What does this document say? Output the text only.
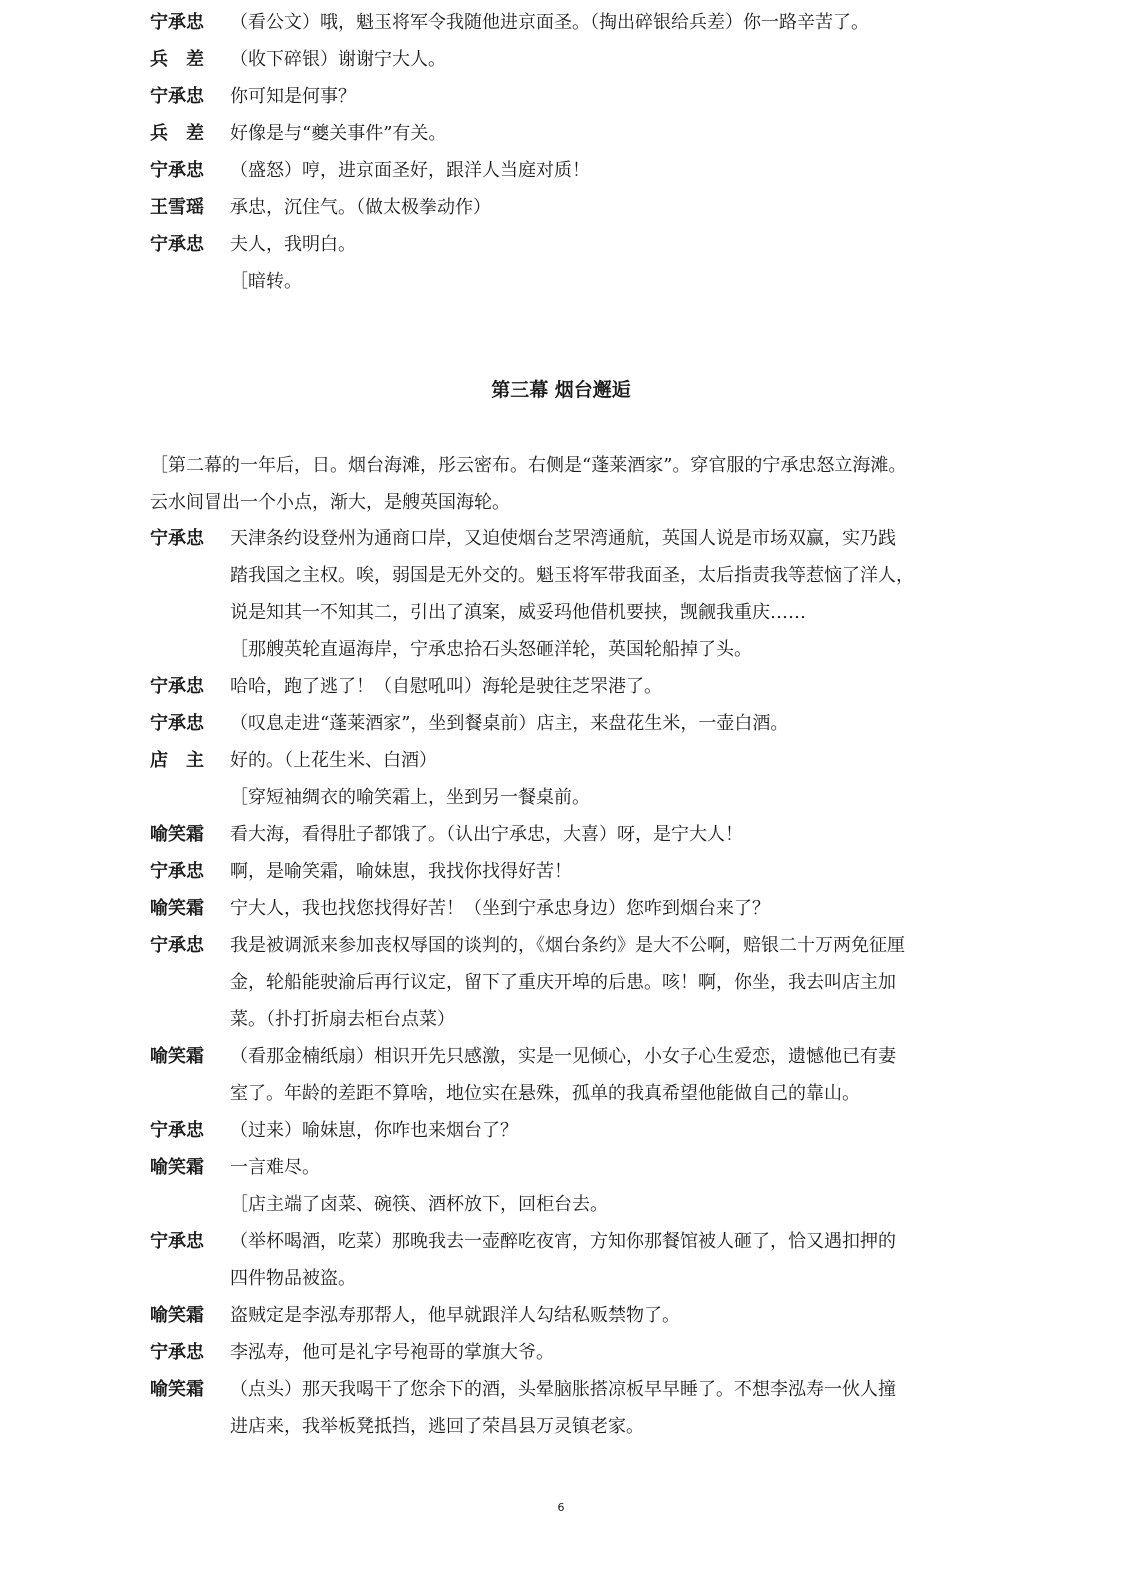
宁承忠	（看公文）哦，魁玉将军令我随他进京面圣。（掏出碎银给兵差）你一路辛苦了。
兵　差	（收下碎银）谢谢宁大人。
宁承忠	你可知是何事？
兵　差	好像是与“夔关事件”有关。
宁承忠	（盛怒）哼，进京面圣好，跟洋人当庭对质！
王雪瑶	承忠，沉住气。（做太极拳动作）
宁承忠	夫人，我明白。
［暗转。
第三幕 烟台邂逅
［第二幕的一年后，日。烟台海滩，彤云密布。右侧是“蓬莱酒家”。穿官服的宁承忠怒立海滩。
云水间冒出一个小点，渐大，是艘英国海轮。
宁承忠	天津条约设登州为通商口岸，又迫使烟台芝罘湾通航，英国人说是市场双赢，实乃践
踏我国之主权。唉，弱国是无外交的。魁玉将军带我面圣，太后指责我等惹恼了洋人，
说是知其一不知其二，引出了滇案，威妥玛他借机要挟，觊觎我重庆……
［那艘英轮直逼海岸，宁承忠拾石头怒砸洋轮，英国轮船掉了头。
宁承忠	哈哈，跑了逃了！（自慰吼叫）海轮是驶往芝罘港了。
宁承忠	（叹息走进“蓬莱酒家”，坐到餐桌前）店主，来盘花生米，一壶白酒。
店　主	好的。（上花生米、白酒）
［穿短袖绸衣的喻笑霜上，坐到另一餐桌前。
喻笑霜	看大海，看得肚子都饿了。（认出宁承忠，大喜）呀，是宁大人！
宁承忠	啊，是喻笑霜，喻妹崽，我找你找得好苦！
喻笑霜	宁大人，我也找您找得好苦！（坐到宁承忠身边）您咋到烟台来了？
宁承忠	我是被调派来参加丧权辱国的谈判的，《烟台条约》是大不公啊，赔银二十万两免征厘
金，轮船能驶渝后再行议定，留下了重庆开埠的后患。咳！啊，你坐，我去叫店主加
菜。（扑打折扇去柜台点菜）
喻笑霜	（看那金楠纸扇）相识开先只感激，实是一见倾心，小女子心生爱恋，遗憾他已有妻
室了。年龄的差距不算啥，地位实在悬殊，孤单的我真希望他能做自己的靠山。
宁承忠	（过来）喻妹崽，你咋也来烟台了？
喻笑霜	一言难尽。
［店主端了卤菜、碗筷、酒杯放下，回柜台去。
宁承忠	（举杯喝酒，吃菜）那晚我去一壶醉吃夜宵，方知你那餐馆被人砸了，恰又遇扣押的
四件物品被盗。
喻笑霜	盗贼定是李泓寿那帮人，他早就跟洋人勾结私贩禁物了。
宁承忠	李泓寿，他可是礼字号袍哥的掌旗大爷。
喻笑霜	（点头）那天我喝干了您余下的酒，头晕脑胀搭凉板早早睡了。不想李泓寿一伙人撞
进店来，我举板凳抵挡，逃回了荣昌县万灵镇老家。
6
